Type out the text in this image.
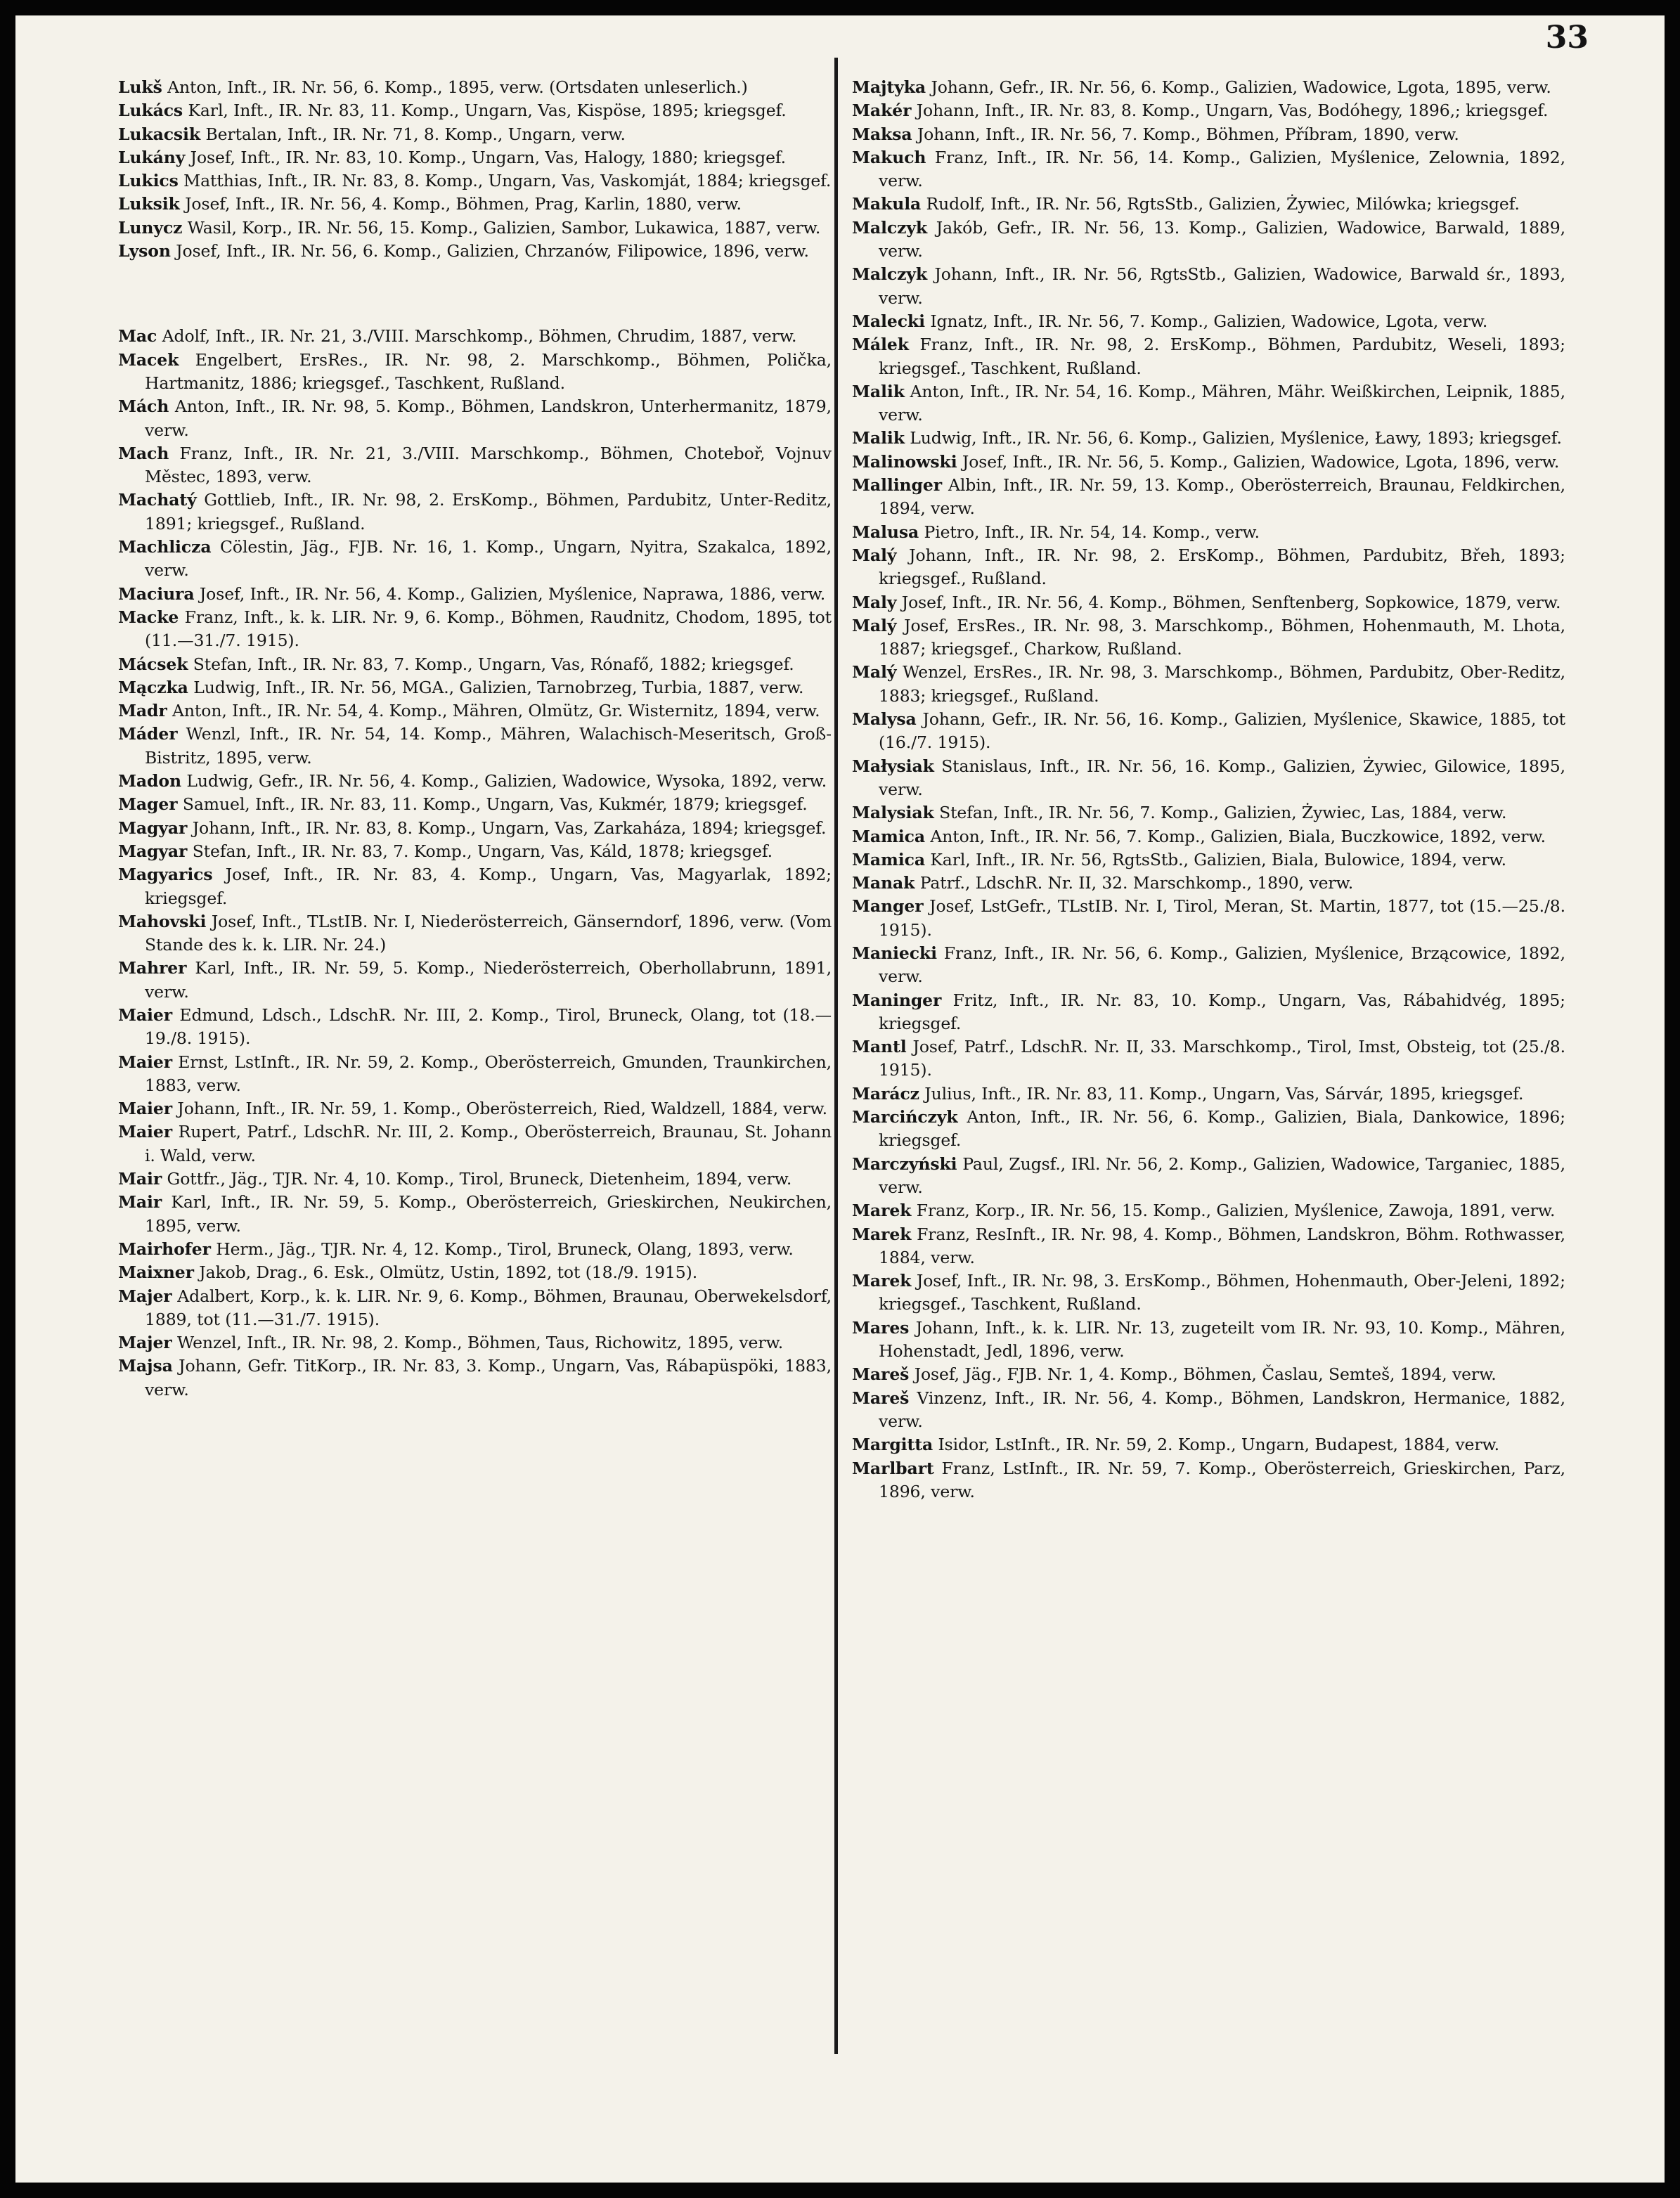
33

Lukš Anton, Inft., IR. Nr. 56, 6. Komp., 1895, verw. (Ortsdaten unleserlich.)

Lukács Karl, Inft., IR. Nr. 83, 11. Komp., Ungarn, Vas, Kispöse, 1895; kriegsgef.

Lukacsik Bertalan, Inft., IR. Nr. 71, 8. Komp., Ungarn, verw.

Lukány Josef, Inft., IR. Nr. 83, 10. Komp., Ungarn, Vas, Halogy, 1880; kriegsgef.

Lukics Matthias, Inft., IR. Nr. 83, 8. Komp., Ungarn, Vas, Vaskomját, 1884; kriegsgef.

Luksik Josef, Inft., IR. Nr. 56, 4. Komp., Böhmen, Prag, Karlin, 1880, verw.

Lunycz Wasil, Korp., IR. Nr. 56, 15. Komp., Galizien, Sambor, Lukawica, 1887, verw.

Lyson Josef, Inft., IR. Nr. 56, 6. Komp., Galizien, Chrzanów, Filipowice, 1896, verw.

Mac Adolf, Inft., IR. Nr. 21, 3./VIII. Marschkomp., Böhmen, Chrudim, 1887, verw.

Macek Engelbert, ErsRes., IR. Nr. 98, 2. Marschkomp., Böhmen, Polička, Hartmanitz, 1886; kriegsgef., Taschkent, Rußland.

Mách Anton, Inft., IR. Nr. 98, 5. Komp., Böhmen, Landskron, Unterhermanitz, 1879, verw.

Mach Franz, Inft., IR. Nr. 21, 3./VIII. Marschkomp., Böhmen, Chotebоř, Vojnuv Městec, 1893, verw.

Machatý Gottlieb, Inft., IR. Nr. 98, 2. ErsKomp., Böhmen, Pardubitz, Unter-Reditz, 1891; kriegsgef., Rußland.

Machlicza Cölestin, Jäg., FJB. Nr. 16, 1. Komp., Ungarn, Nyitra, Szakalca, 1892, verw.

Maciura Josef, Inft., IR. Nr. 56, 4. Komp., Galizien, Myślenice, Naprawa, 1886, verw.

Macke Franz, Inft., k. k. LIR. Nr. 9, 6. Komp., Böhmen, Raudnitz, Chodom, 1895, tot (11.—31./7. 1915).

Mácsek Stefan, Inft., IR. Nr. 83, 7. Komp., Ungarn, Vas, Rónafő, 1882; kriegsgef.

Mączka Ludwig, Inft., IR. Nr. 56, MGA., Galizien, Tarnobrzeg, Turbia, 1887, verw.

Madr Anton, Inft., IR. Nr. 54, 4. Komp., Mähren, Olmütz, Gr. Wisternitz, 1894, verw.

Máder Wenzl, Inft., IR. Nr. 54, 14. Komp., Mähren, Walachisch-Meseritsch, Groß-Bistritz, 1895, verw.

Madon Ludwig, Gefr., IR. Nr. 56, 4. Komp., Galizien, Wadowice, Wysoka, 1892, verw.

Mager Samuel, Inft., IR. Nr. 83, 11. Komp., Ungarn, Vas, Kukmér, 1879; kriegsgef.

Magyar Johann, Inft., IR. Nr. 83, 8. Komp., Ungarn, Vas, Zarkaháza, 1894; kriegsgef.

Magyar Stefan, Inft., IR. Nr. 83, 7. Komp., Ungarn, Vas, Káld, 1878; kriegsgef.

Magyarics Josef, Inft., IR. Nr. 83, 4. Komp., Ungarn, Vas, Magyarlak, 1892; kriegsgef.

Mahovski Josef, Inft., TLstIB. Nr. I, Niederösterreich, Gänserndorf, 1896, verw. (Vom Stande des k. k. LIR. Nr. 24.)

Mahrer Karl, Inft., IR. Nr. 59, 5. Komp., Niederösterreich, Oberhollabrunn, 1891, verw.

Maier Edmund, Ldsch., LdschR. Nr. III, 2. Komp., Tirol, Bruneck, Olang, tot (18.—19./8. 1915).

Maier Ernst, LstInft., IR. Nr. 59, 2. Komp., Oberösterreich, Gmunden, Traunkirchen, 1883, verw.

Maier Johann, Inft., IR. Nr. 59, 1. Komp., Oberösterreich, Ried, Waldzell, 1884, verw.

Maier Rupert, Patrf., LdschR. Nr. III, 2. Komp., Oberösterreich, Braunau, St. Johann i. Wald, verw.

Mair Gottfr., Jäg., TJR. Nr. 4, 10. Komp., Tirol, Bruneck, Dietenheim, 1894, verw.

Mair Karl, Inft., IR. Nr. 59, 5. Komp., Oberösterreich, Grieskirchen, Neukirchen, 1895, verw.

Mairhofer Herm., Jäg., TJR. Nr. 4, 12. Komp., Tirol, Bruneck, Olang, 1893, verw.

Maixner Jakob, Drag., 6. Esk., Olmütz, Ustin, 1892, tot (18./9. 1915).

Majer Adalbert, Korp., k. k. LIR. Nr. 9, 6. Komp., Böhmen, Braunau, Oberwekelsdorf, 1889, tot (11.—31./7. 1915).

Majer Wenzel, Inft., IR. Nr. 98, 2. Komp., Böhmen, Taus, Richowitz, 1895, verw.

Majsa Johann, Gefr. TitKorp., IR. Nr. 83, 3. Komp., Ungarn, Vas, Rábapüspöki, 1883, verw.

Majtyka Johann, Gefr., IR. Nr. 56, 6. Komp., Galizien, Wadowice, Lgota, 1895, verw.

Makér Johann, Inft., IR. Nr. 83, 8. Komp., Ungarn, Vas, Bodóhegy, 1896,; kriegsgef.

Maksa Johann, Inft., IR. Nr. 56, 7. Komp., Böhmen, Příbram, 1890, verw.

Makuch Franz, Inft., IR. Nr. 56, 14. Komp., Galizien, Myślenice, Zelownia, 1892, verw.

Makula Rudolf, Inft., IR. Nr. 56, RgtsStb., Galizien, Żywiec, Milówka; kriegsgef.

Malczyk Jakób, Gefr., IR. Nr. 56, 13. Komp., Galizien, Wadowice, Barwald, 1889, verw.

Malczyk Johann, Inft., IR. Nr. 56, RgtsStb., Galizien, Wadowice, Barwald śr., 1893, verw.

Malecki Ignatz, Inft., IR. Nr. 56, 7. Komp., Galizien, Wadowice, Lgota, verw.

Málek Franz, Inft., IR. Nr. 98, 2. ErsKomp., Böhmen, Pardubitz, Weseli, 1893; kriegsgef., Taschkent, Rußland.

Malik Anton, Inft., IR. Nr. 54, 16. Komp., Mähren, Mähr. Weißkirchen, Leipnik, 1885, verw.

Malik Ludwig, Inft., IR. Nr. 56, 6. Komp., Galizien, Myślenice, Ławy, 1893; kriegsgef.

Malinowski Josef, Inft., IR. Nr. 56, 5. Komp., Galizien, Wadowice, Lgota, 1896, verw.

Mallinger Albin, Inft., IR. Nr. 59, 13. Komp., Oberösterreich, Braunau, Feldkirchen, 1894, verw.

Malusa Pietro, Inft., IR. Nr. 54, 14. Komp., verw.

Malý Johann, Inft., IR. Nr. 98, 2. ErsKomp., Böhmen, Pardubitz, Břeh, 1893; kriegsgef., Rußland.

Maly Josef, Inft., IR. Nr. 56, 4. Komp., Böhmen, Senftenberg, Sopkowice, 1879, verw.

Malý Josef, ErsRes., IR. Nr. 98, 3. Marschkomp., Böhmen, Hohenmauth, M. Lhota, 1887; kriegsgef., Charkow, Rußland.

Malý Wenzel, ErsRes., IR. Nr. 98, 3. Marschkomp., Böhmen, Pardubitz, Ober-Reditz, 1883; kriegsgef., Rußland.

Malysa Johann, Gefr., IR. Nr. 56, 16. Komp., Galizien, Myślenice, Skawice, 1885, tot (16./7. 1915).

Małysiak Stanislaus, Inft., IR. Nr. 56, 16. Komp., Galizien, Żywiec, Gilowice, 1895, verw.

Malysiak Stefan, Inft., IR. Nr. 56, 7. Komp., Galizien, Żywiec, Las, 1884, verw.

Mamica Anton, Inft., IR. Nr. 56, 7. Komp., Galizien, Biala, Buczkowice, 1892, verw.

Mamica Karl, Inft., IR. Nr. 56, RgtsStb., Galizien, Biala, Bulowice, 1894, verw.

Manak Patrf., LdschR. Nr. II, 32. Marschkomp., 1890, verw.

Manger Josef, LstGefr., TLstIB. Nr. I, Tirol, Meran, St. Martin, 1877, tot (15.—25./8. 1915).

Maniecki Franz, Inft., IR. Nr. 56, 6. Komp., Galizien, Myślenice, Brzącowice, 1892, verw.

Maninger Fritz, Inft., IR. Nr. 83, 10. Komp., Ungarn, Vas, Rábahidvég, 1895; kriegsgef.

Mantl Josef, Patrf., LdschR. Nr. II, 33. Marschkomp., Tirol, Imst, Obsteig, tot (25./8. 1915).

Marácz Julius, Inft., IR. Nr. 83, 11. Komp., Ungarn, Vas, Sárvár, 1895, kriegsgef.

Marcińczyk Anton, Inft., IR. Nr. 56, 6. Komp., Galizien, Biala, Dankowice, 1896; kriegsgef.

Marczyński Paul, Zugsf., IRl. Nr. 56, 2. Komp., Galizien, Wadowice, Targaniec, 1885, verw.

Marek Franz, Korp., IR. Nr. 56, 15. Komp., Galizien, Myślenice, Zawoja, 1891, verw.

Marek Franz, ResInft., IR. Nr. 98, 4. Komp., Böhmen, Landskron, Böhm. Rothwasser, 1884, verw.

Marek Josef, Inft., IR. Nr. 98, 3. ErsKomp., Böhmen, Hohenmauth, Ober-Jeleni, 1892; kriegsgef., Taschkent, Rußland.

Mares Johann, Inft., k. k. LIR. Nr. 13, zugeteilt vom IR. Nr. 93, 10. Komp., Mähren, Hohenstadt, Jedl, 1896, verw.

Mareš Josef, Jäg., FJB. Nr. 1, 4. Komp., Böhmen, Časlau, Semteš, 1894, verw.

Mareš Vinzenz, Inft., IR. Nr. 56, 4. Komp., Böhmen, Landskron, Hermanice, 1882, verw.

Margitta Isidor, LstInft., IR. Nr. 59, 2. Komp., Ungarn, Budapest, 1884, verw.

Marlbart Franz, LstInft., IR. Nr. 59, 7. Komp., Oberösterreich, Grieskirchen, Parz, 1896, verw.
